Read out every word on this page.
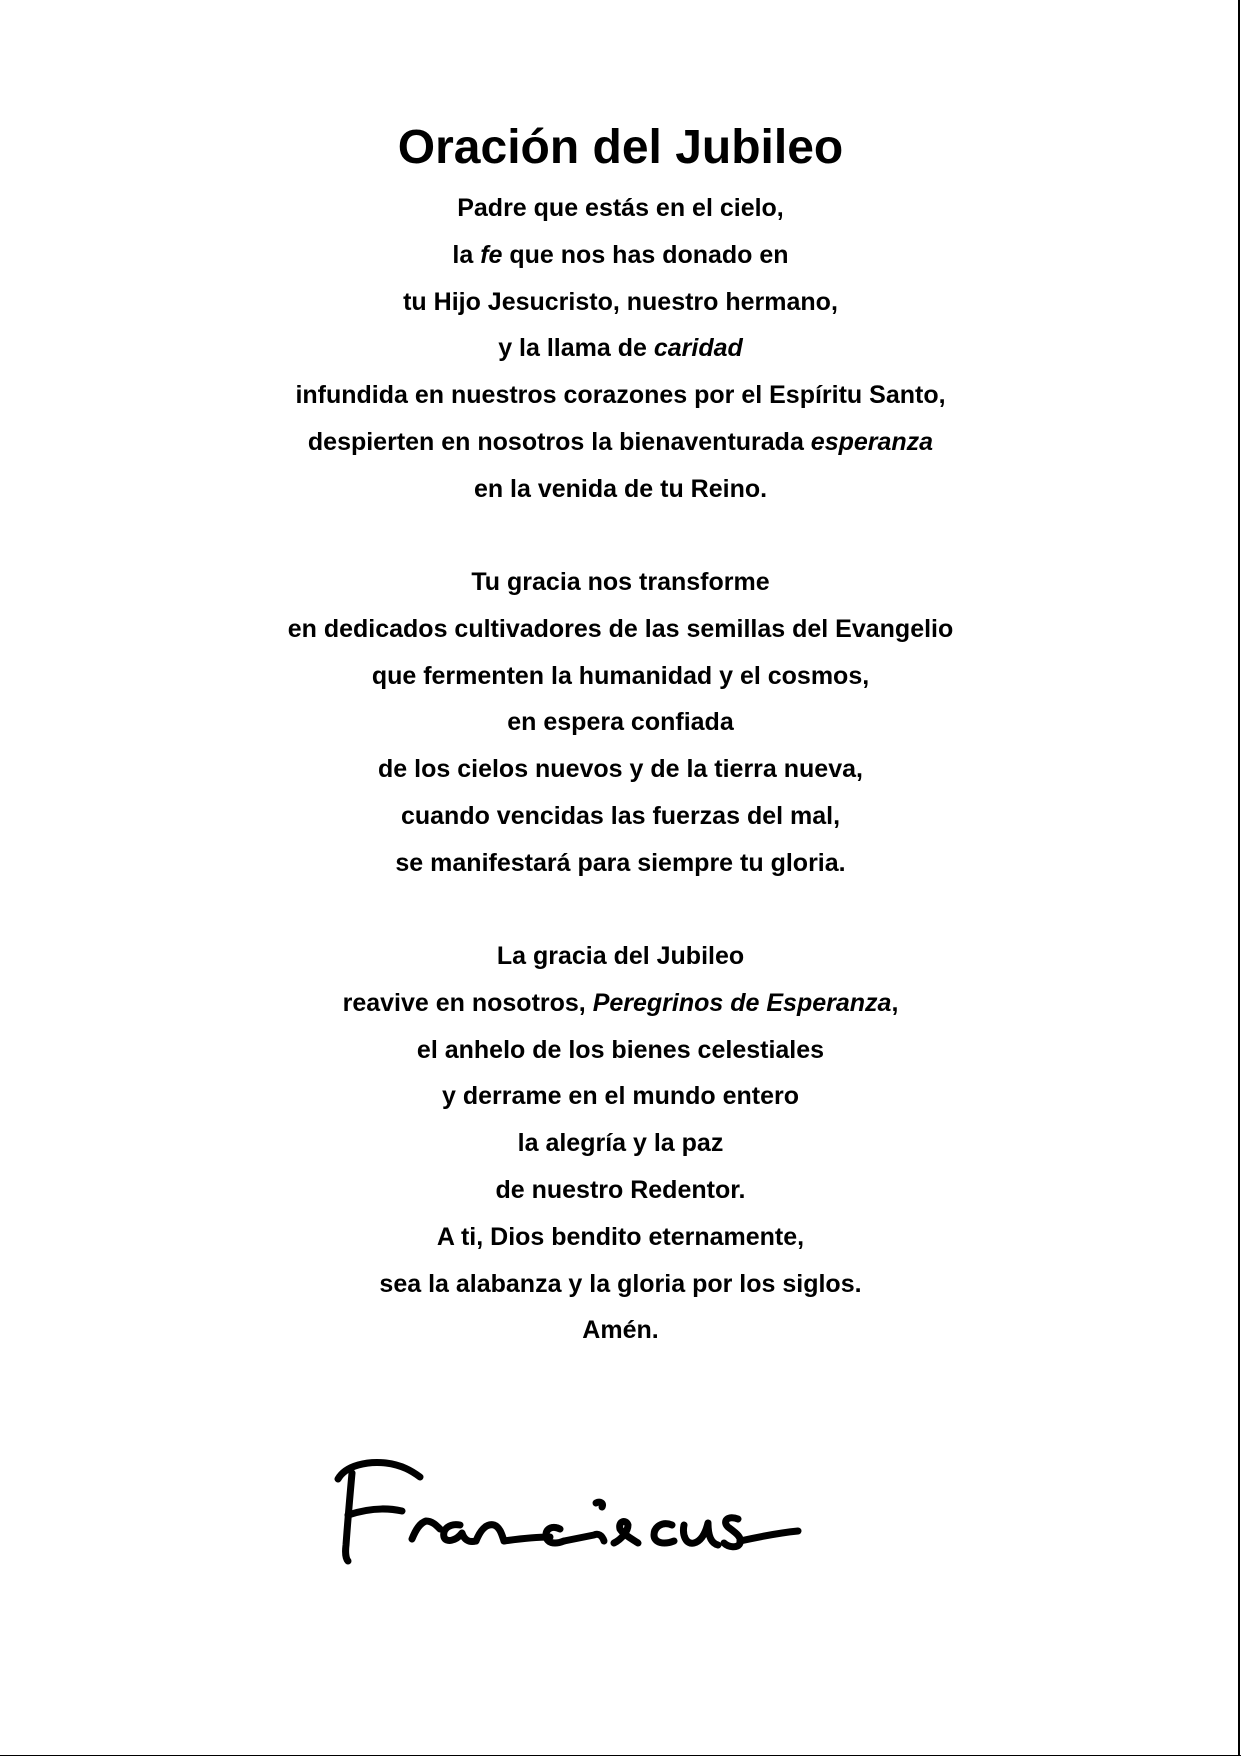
Oración del Jubileo
Padre que estás en el cielo,
la fe que nos has donado en
tu Hijo Jesucristo, nuestro hermano,
y la llama de caridad
infundida en nuestros corazones por el Espíritu Santo,
despierten en nosotros la bienaventurada esperanza
en la venida de tu Reino.
Tu gracia nos transforme
en dedicados cultivadores de las semillas del Evangelio
que fermenten la humanidad y el cosmos,
en espera confiada
de los cielos nuevos y de la tierra nueva,
cuando vencidas las fuerzas del mal,
se manifestará para siempre tu gloria.
La gracia del Jubileo
reavive en nosotros, Peregrinos de Esperanza,
el anhelo de los bienes celestiales
y derrame en el mundo entero
la alegría y la paz
de nuestro Redentor.
A ti, Dios bendito eternamente,
sea la alabanza y la gloria por los siglos.
Amén.
